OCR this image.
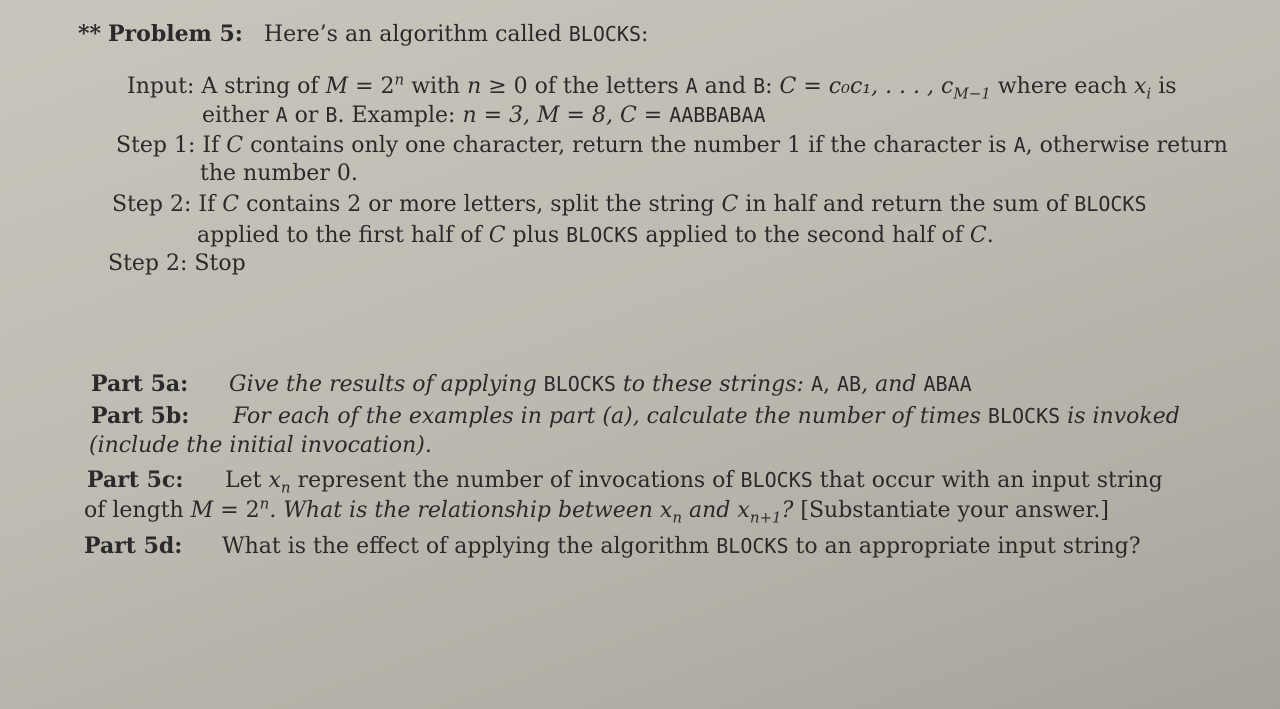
** Problem 5: Here’s an algorithm called BLOCKS:
Input: A string of $M = 2^n$ with n ≥ 0 of the letters A and B: C = c₀c₁, . . . , $c_{M-1}$ where each $x_i$ is
either A or B. Example: n = 3, M = 8, C = AABBABAA
Step 1: If C contains only one character, return the number 1 if the character is A, otherwise return
the number 0.
Step 2: If C contains 2 or more letters, split the string C in half and return the sum of BLOCKS
applied to the first half of C plus BLOCKS applied to the second half of C.
Step 2: Stop
Part 5a: Give the results of applying BLOCKS to these strings: A, AB, and ABAA
Part 5b: For each of the examples in part (a), calculate the number of times BLOCKS is invoked
(include the initial invocation).
Part 5c: Let $x_n$ represent the number of invocations of BLOCKS that occur with an input string
of length $M = 2^n$. What is the relationship between $x_n$ and $x_{n+1}$? [Substantiate your answer.]
Part 5d: What is the effect of applying the algorithm BLOCKS to an appropriate input string?
